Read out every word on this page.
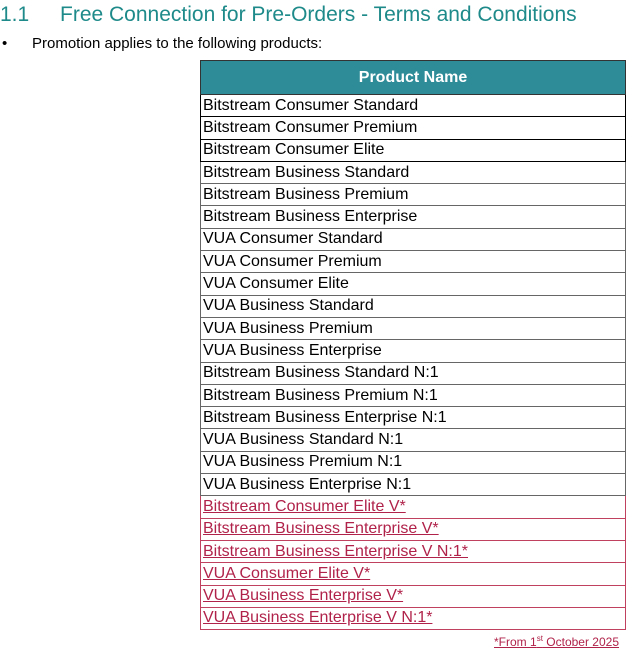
1.1 Free Connection for Pre-Orders - Terms and Conditions
• Promotion applies to the following products:
Product Name
Bitstream Consumer Standard
Bitstream Consumer Premium
Bitstream Consumer Elite
Bitstream Business Standard
Bitstream Business Premium
Bitstream Business Enterprise
VUA Consumer Standard
VUA Consumer Premium
VUA Consumer Elite
VUA Business Standard
VUA Business Premium
VUA Business Enterprise
Bitstream Business Standard N:1
Bitstream Business Premium N:1
Bitstream Business Enterprise N:1
VUA Business Standard N:1
VUA Business Premium N:1
VUA Business Enterprise N:1
Bitstream Consumer Elite V*
Bitstream Business Enterprise V*
Bitstream Business Enterprise V N:1*
VUA Consumer Elite V*
VUA Business Enterprise V*
VUA Business Enterprise V N:1*
*From 1st October 2025
